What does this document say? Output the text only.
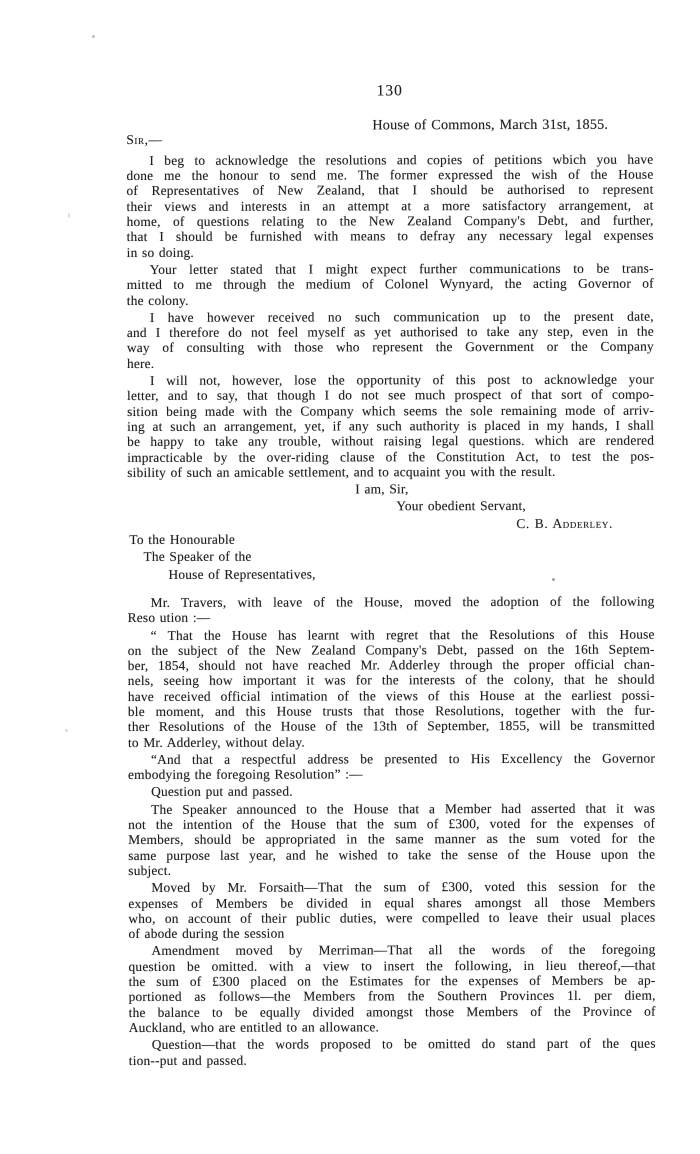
130
House of Commons, March 31st, 1855.
Sir,—
I beg to acknowledge the resolutions and copies of petitions wbich you have
done me the honour to send me. The former expressed the wish of the House
of Representatives of New Zealand, that I should be authorised to represent
their views and interests in an attempt at a more satisfactory arrangement, at
home, of questions relating to the New Zealand Company's Debt, and further,
that I should be furnished with means to defray any necessary legal expenses
in so doing.
Your letter stated that I might expect further communications to be trans-
mitted to me through the medium of Colonel Wynyard, the acting Governor of
the colony.
I have however received no such communication up to the present date,
and I therefore do not feel myself as yet authorised to take any step, even in the
way of consulting with those who represent the Government or the Company
here.
I will not, however, lose the opportunity of this post to acknowledge your
letter, and to say, that though I do not see much prospect of that sort of compo-
sition being made with the Company which seems the sole remaining mode of arriv-
ing at such an arrangement, yet, if any such authority is placed in my hands, I shall
be happy to take any trouble, without raising legal questions. which are rendered
impracticable by the over-riding clause of the Constitution Act, to test the pos-
sibility of such an amicable settlement, and to acquaint you with the result.
I am, Sir,
Your obedient Servant,
C. B. Adderley.
To the Honourable
The Speaker of the
House of Representatives,
Mr. Travers, with leave of the House, moved the adoption of the following
Reso ution :—
“ That the House has learnt with regret that the Resolutions of this House
on the subject of the New Zealand Company's Debt, passed on the 16th Septem-
ber, 1854, should not have reached Mr. Adderley through the proper official chan-
nels, seeing how important it was for the interests of the colony, that he should
have received official intimation of the views of this House at the earliest possi-
ble moment, and this House trusts that those Resolutions, together with the fur-
ther Resolutions of the House of the 13th of September, 1855, will be transmitted
to Mr. Adderley, without delay.
“And that a respectful address be presented to His Excellency the Governor
embodying the foregoing Resolution” :—
Question put and passed.
The Speaker announced to the House that a Member had asserted that it was
not the intention of the House that the sum of £300, voted for the expenses of
Members, should be appropriated in the same manner as the sum voted for the
same purpose last year, and he wished to take the sense of the House upon the
subject.
Moved by Mr. Forsaith—That the sum of £300, voted this session for the
expenses of Members be divided in equal shares amongst all those Members
who, on account of their public duties, were compelled to leave their usual places
of abode during the session
Amendment moved by Merriman—That all the words of the foregoing
question be omitted. with a view to insert the following, in lieu thereof,—that
the sum of £300 placed on the Estimates for the expenses of Members be ap-
portioned as follows—the Members from the Southern Provinces 1l. per diem,
the balance to be equally divided amongst those Members of the Province of
Auckland, who are entitled to an allowance.
Question—that the words proposed to be omitted do stand part of the ques
tion--put and passed.
